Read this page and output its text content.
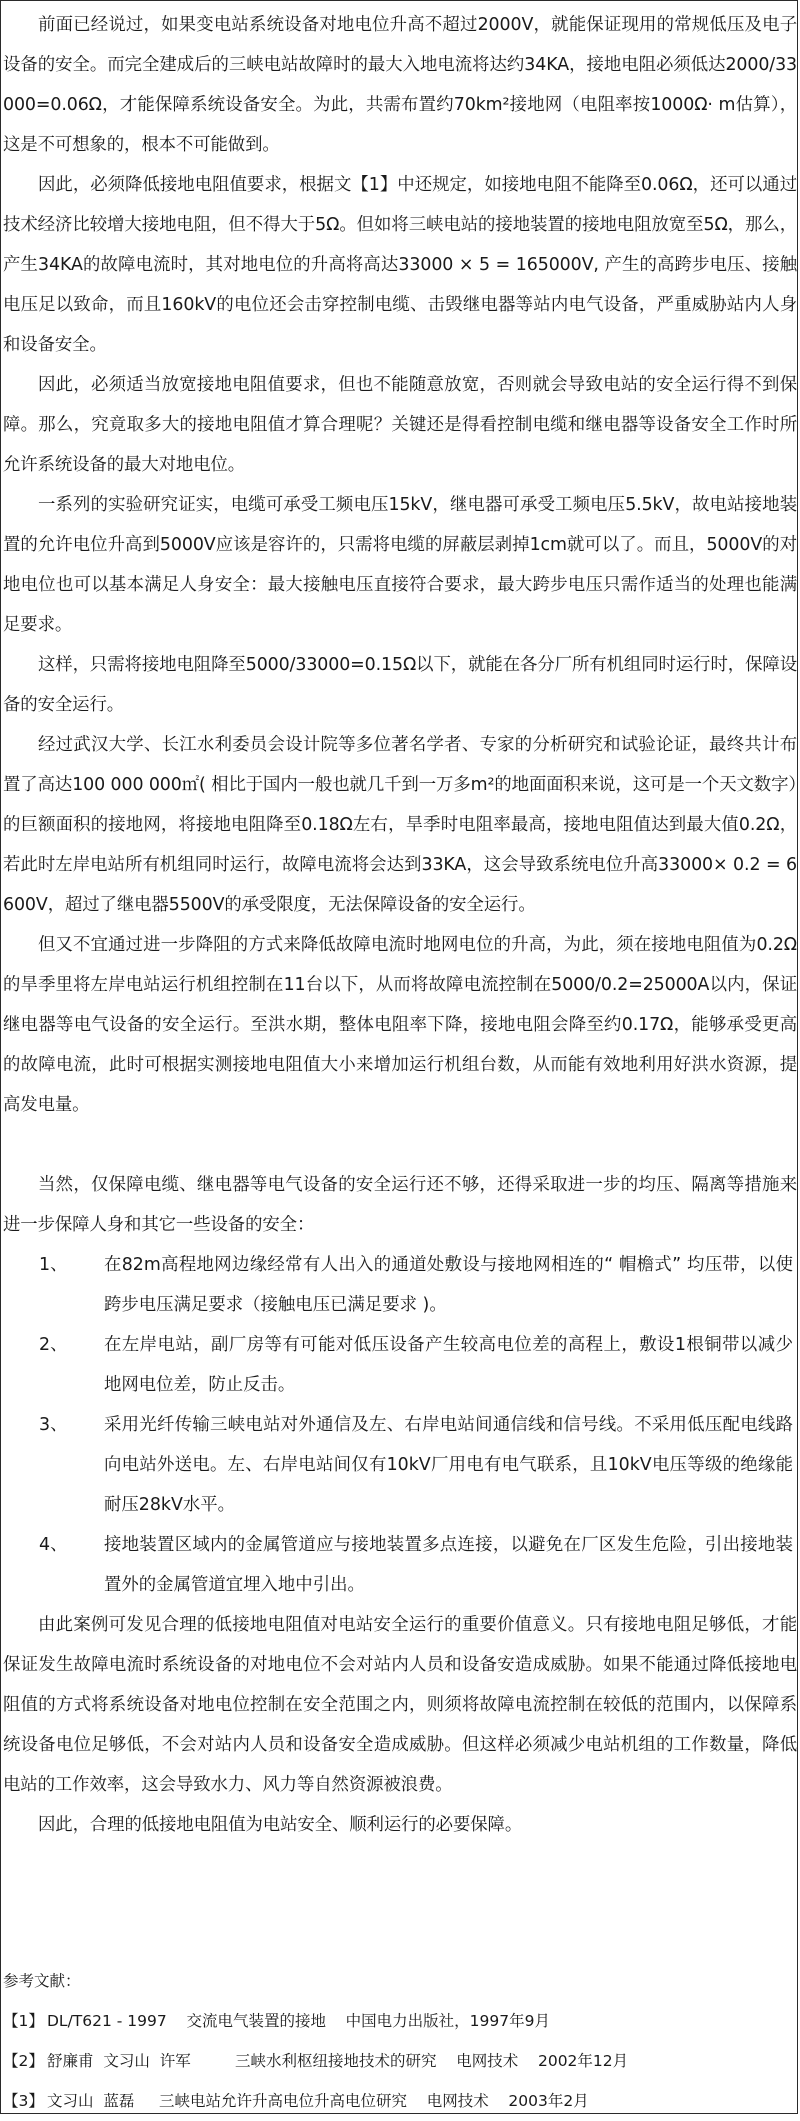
前面已经说过，如果变电站系统设备对地电位升高不超过2000V，就能保证现用的常规低压及电子设备的安全。而完全建成后的三峡电站故障时的最大入地电流将达约34KA，接地电阻必须低达2000/33000=0.06Ω，才能保障系统设备安全。为此，共需布置约70km²接地网（电阻率按1000Ω· m估算），这是不可想象的，根本不可能做到。

因此，必须降低接地电阻值要求，根据文【1】中还规定，如接地电阻不能降至0.06Ω，还可以通过技术经济比较增大接地电阻，但不得大于5Ω。但如将三峡电站的接地装置的接地电阻放宽至5Ω，那么，产生34KA的故障电流时，其对地电位的升高将高达33000 × 5 = 165000V, 产生的高跨步电压、接触电压足以致命，而且160kV的电位还会击穿控制电缆、击毁继电器等站内电气设备，严重威胁站内人身和设备安全。

因此，必须适当放宽接地电阻值要求，但也不能随意放宽，否则就会导致电站的安全运行得不到保障。那么，究竟取多大的接地电阻值才算合理呢？关键还是得看控制电缆和继电器等设备安全工作时所允许系统设备的最大对地电位。

一系列的实验研究证实，电缆可承受工频电压15kV，继电器可承受工频电压5.5kV，故电站接地装置的允许电位升高到5000V应该是容许的，只需将电缆的屏蔽层剥掉1cm就可以了。而且，5000V的对地电位也可以基本满足人身安全：最大接触电压直接符合要求，最大跨步电压只需作适当的处理也能满足要求。

这样，只需将接地电阻降至5000/33000=0.15Ω以下，就能在各分厂所有机组同时运行时，保障设备的安全运行。

经过武汉大学、长江水利委员会设计院等多位著名学者、专家的分析研究和试验论证，最终共计布置了高达100 000 000㎡( 相比于国内一般也就几千到一万多m²的地面面积来说，这可是一个天文数字）的巨额面积的接地网，将接地电阻降至0.18Ω左右，旱季时电阻率最高，接地电阻值达到最大值0.2Ω，若此时左岸电站所有机组同时运行，故障电流将会达到33KA，这会导致系统电位升高33000× 0.2 = 6600V，超过了继电器5500V的承受限度，无法保障设备的安全运行。

但又不宜通过进一步降阻的方式来降低故障电流时地网电位的升高，为此，须在接地电阻值为0.2Ω的旱季里将左岸电站运行机组控制在11台以下，从而将故障电流控制在5000/0.2=25000A以内，保证继电器等电气设备的安全运行。至洪水期，整体电阻率下降，接地电阻会降至约0.17Ω，能够承受更高的故障电流，此时可根据实测接地电阻值大小来增加运行机组台数，从而能有效地利用好洪水资源，提高发电量。

当然，仅保障电缆、继电器等电气设备的安全运行还不够，还得采取进一步的均压、隔离等措施来进一步保障人身和其它一些设备的安全：

1、 在82m高程地网边缘经常有人出入的通道处敷设与接地网相连的“ 帽檐式” 均压带，以使跨步电压满足要求（接触电压已满足要求 )。
2、 在左岸电站，副厂房等有可能对低压设备产生较高电位差的高程上，敷设1根铜带以减少地网电位差，防止反击。
3、 采用光纤传输三峡电站对外通信及左、右岸电站间通信线和信号线。不采用低压配电线路向电站外送电。左、右岸电站间仅有10kV厂用电有电气联系，且10kV电压等级的绝缘能耐压28kV水平。
4、 接地装置区域内的金属管道应与接地装置多点连接，以避免在厂区发生危险，引出接地装置外的金属管道宜埋入地中引出。

由此案例可发见合理的低接地电阻值对电站安全运行的重要价值意义。只有接地电阻足够低，才能保证发生故障电流时系统设备的对地电位不会对站内人员和设备安造成威胁。如果不能通过降低接地电阻值的方式将系统设备对地电位控制在安全范围之内，则须将故障电流控制在较低的范围内，以保障系统设备电位足够低，不会对站内人员和设备安全造成威胁。但这样必须减少电站机组的工作数量，降低电站的工作效率，这会导致水力、风力等自然资源被浪费。

因此，合理的低接地电阻值为电站安全、顺利运行的必要保障。

参考文献：

【1】 DL/T621 - 1997    交流电气装置的接地    中国电力出版社，1997年9月
【2】 舒廉甫  文习山  许军         三峡水利枢纽接地技术的研究    电网技术    2002年12月
【3】 文习山  蓝磊     三峡电站允许升高电位升高电位研究    电网技术    2003年2月
